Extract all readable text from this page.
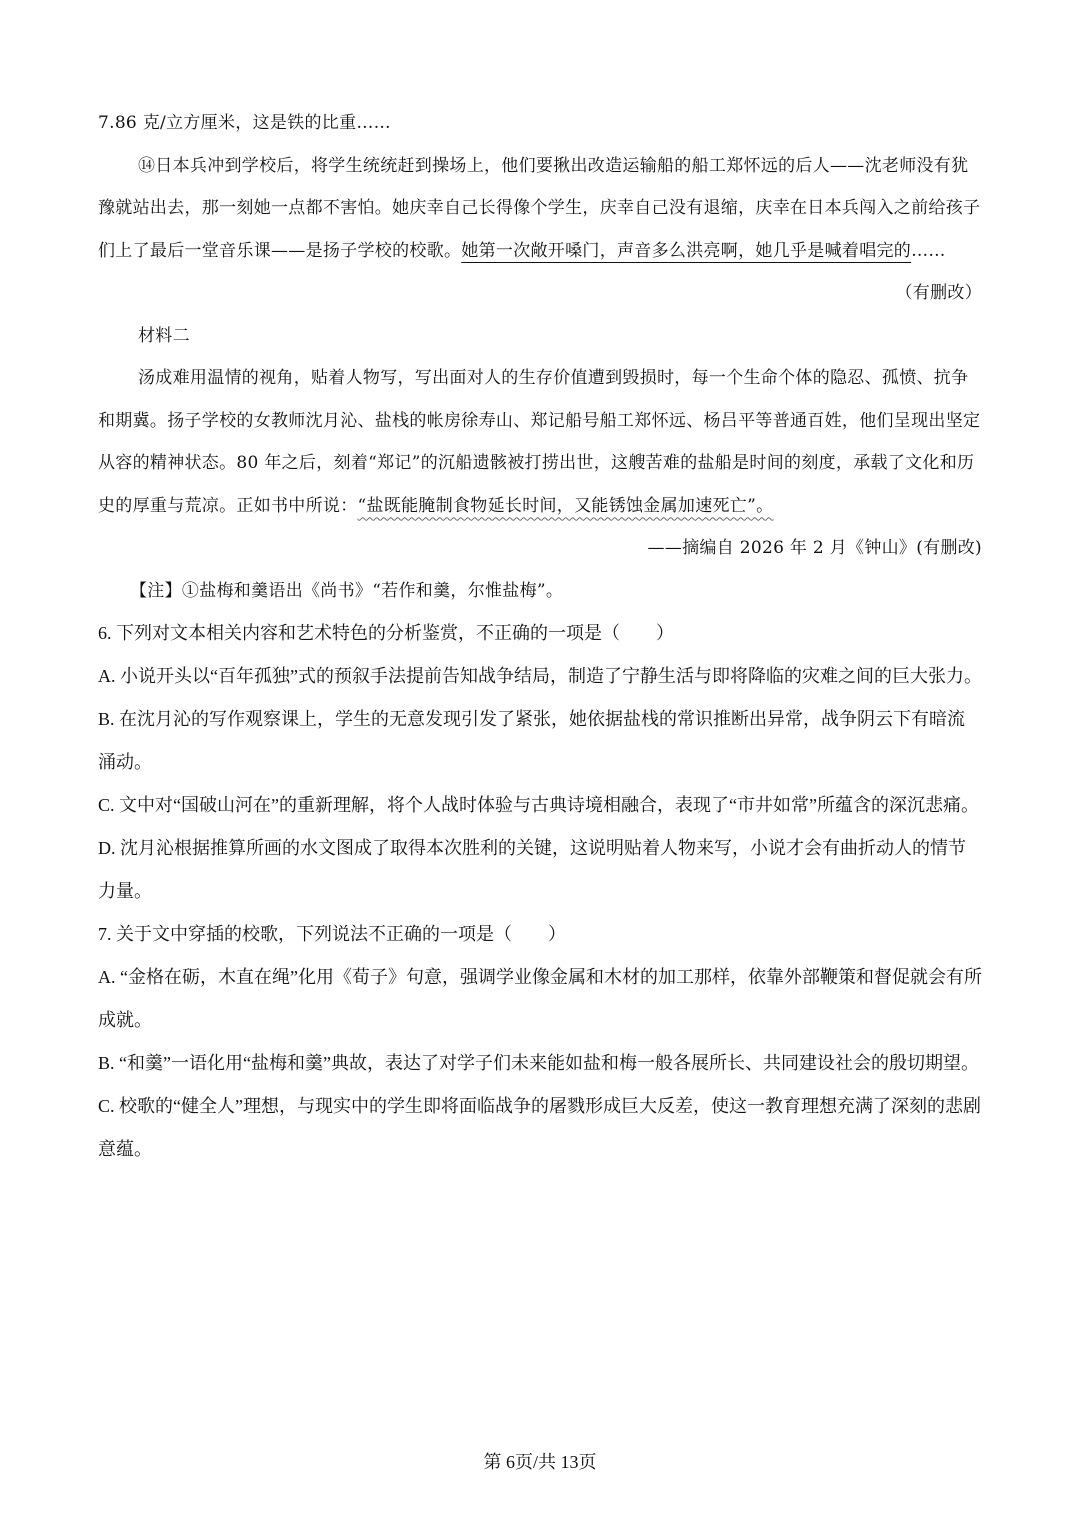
7.86 克/立方厘米，这是铁的比重……

⑭日本兵冲到学校后，将学生统统赶到操场上，他们要揪出改造运输船的船工郑怀远的后人——沈老师没有犹豫就站出去，那一刻她一点都不害怕。她庆幸自己长得像个学生，庆幸自己没有退缩，庆幸在日本兵闯入之前给孩子们上了最后一堂音乐课——是扬子学校的校歌。她第一次敞开嗓门，声音多么洪亮啊，她几乎是喊着唱完的……

（有删改）

材料二

汤成难用温情的视角，贴着人物写，写出面对人的生存价值遭到毁损时，每一个生命个体的隐忍、孤愤、抗争和期冀。扬子学校的女教师沈月沁、盐栈的帐房徐寿山、郑记船号船工郑怀远、杨吕平等普通百姓，他们呈现出坚定从容的精神状态。80 年之后，刻着“郑记”的沉船遗骸被打捞出世，这艘苦难的盐船是时间的刻度，承载了文化和历史的厚重与荒凉。正如书中所说：“盐既能腌制食物延长时间，又能锈蚀金属加速死亡”。

——摘编自 2026 年 2 月《钟山》(有删改)

【注】①盐梅和羹语出《尚书》“若作和羹，尔惟盐梅”。

6. 下列对文本相关内容和艺术特色的分析鉴赏，不正确的一项是（　　）

A. 小说开头以“百年孤独”式的预叙手法提前告知战争结局，制造了宁静生活与即将降临的灾难之间的巨大张力。

B. 在沈月沁的写作观察课上，学生的无意发现引发了紧张，她依据盐栈的常识推断出异常，战争阴云下有暗流涌动。

C. 文中对“国破山河在”的重新理解，将个人战时体验与古典诗境相融合，表现了“市井如常”所蕴含的深沉悲痛。

D. 沈月沁根据推算所画的水文图成了取得本次胜利的关键，这说明贴着人物来写，小说才会有曲折动人的情节力量。

7. 关于文中穿插的校歌，下列说法不正确的一项是（　　）

A. “金格在砺，木直在绳”化用《荀子》句意，强调学业像金属和木材的加工那样，依靠外部鞭策和督促就会有所成就。

B. “和羹”一语化用“盐梅和羹”典故，表达了对学子们未来能如盐和梅一般各展所长、共同建设社会的殷切期望。

C. 校歌的“健全人”理想，与现实中的学生即将面临战争的屠戮形成巨大反差，使这一教育理想充满了深刻的悲剧意蕴。

第 6页/共 13页
